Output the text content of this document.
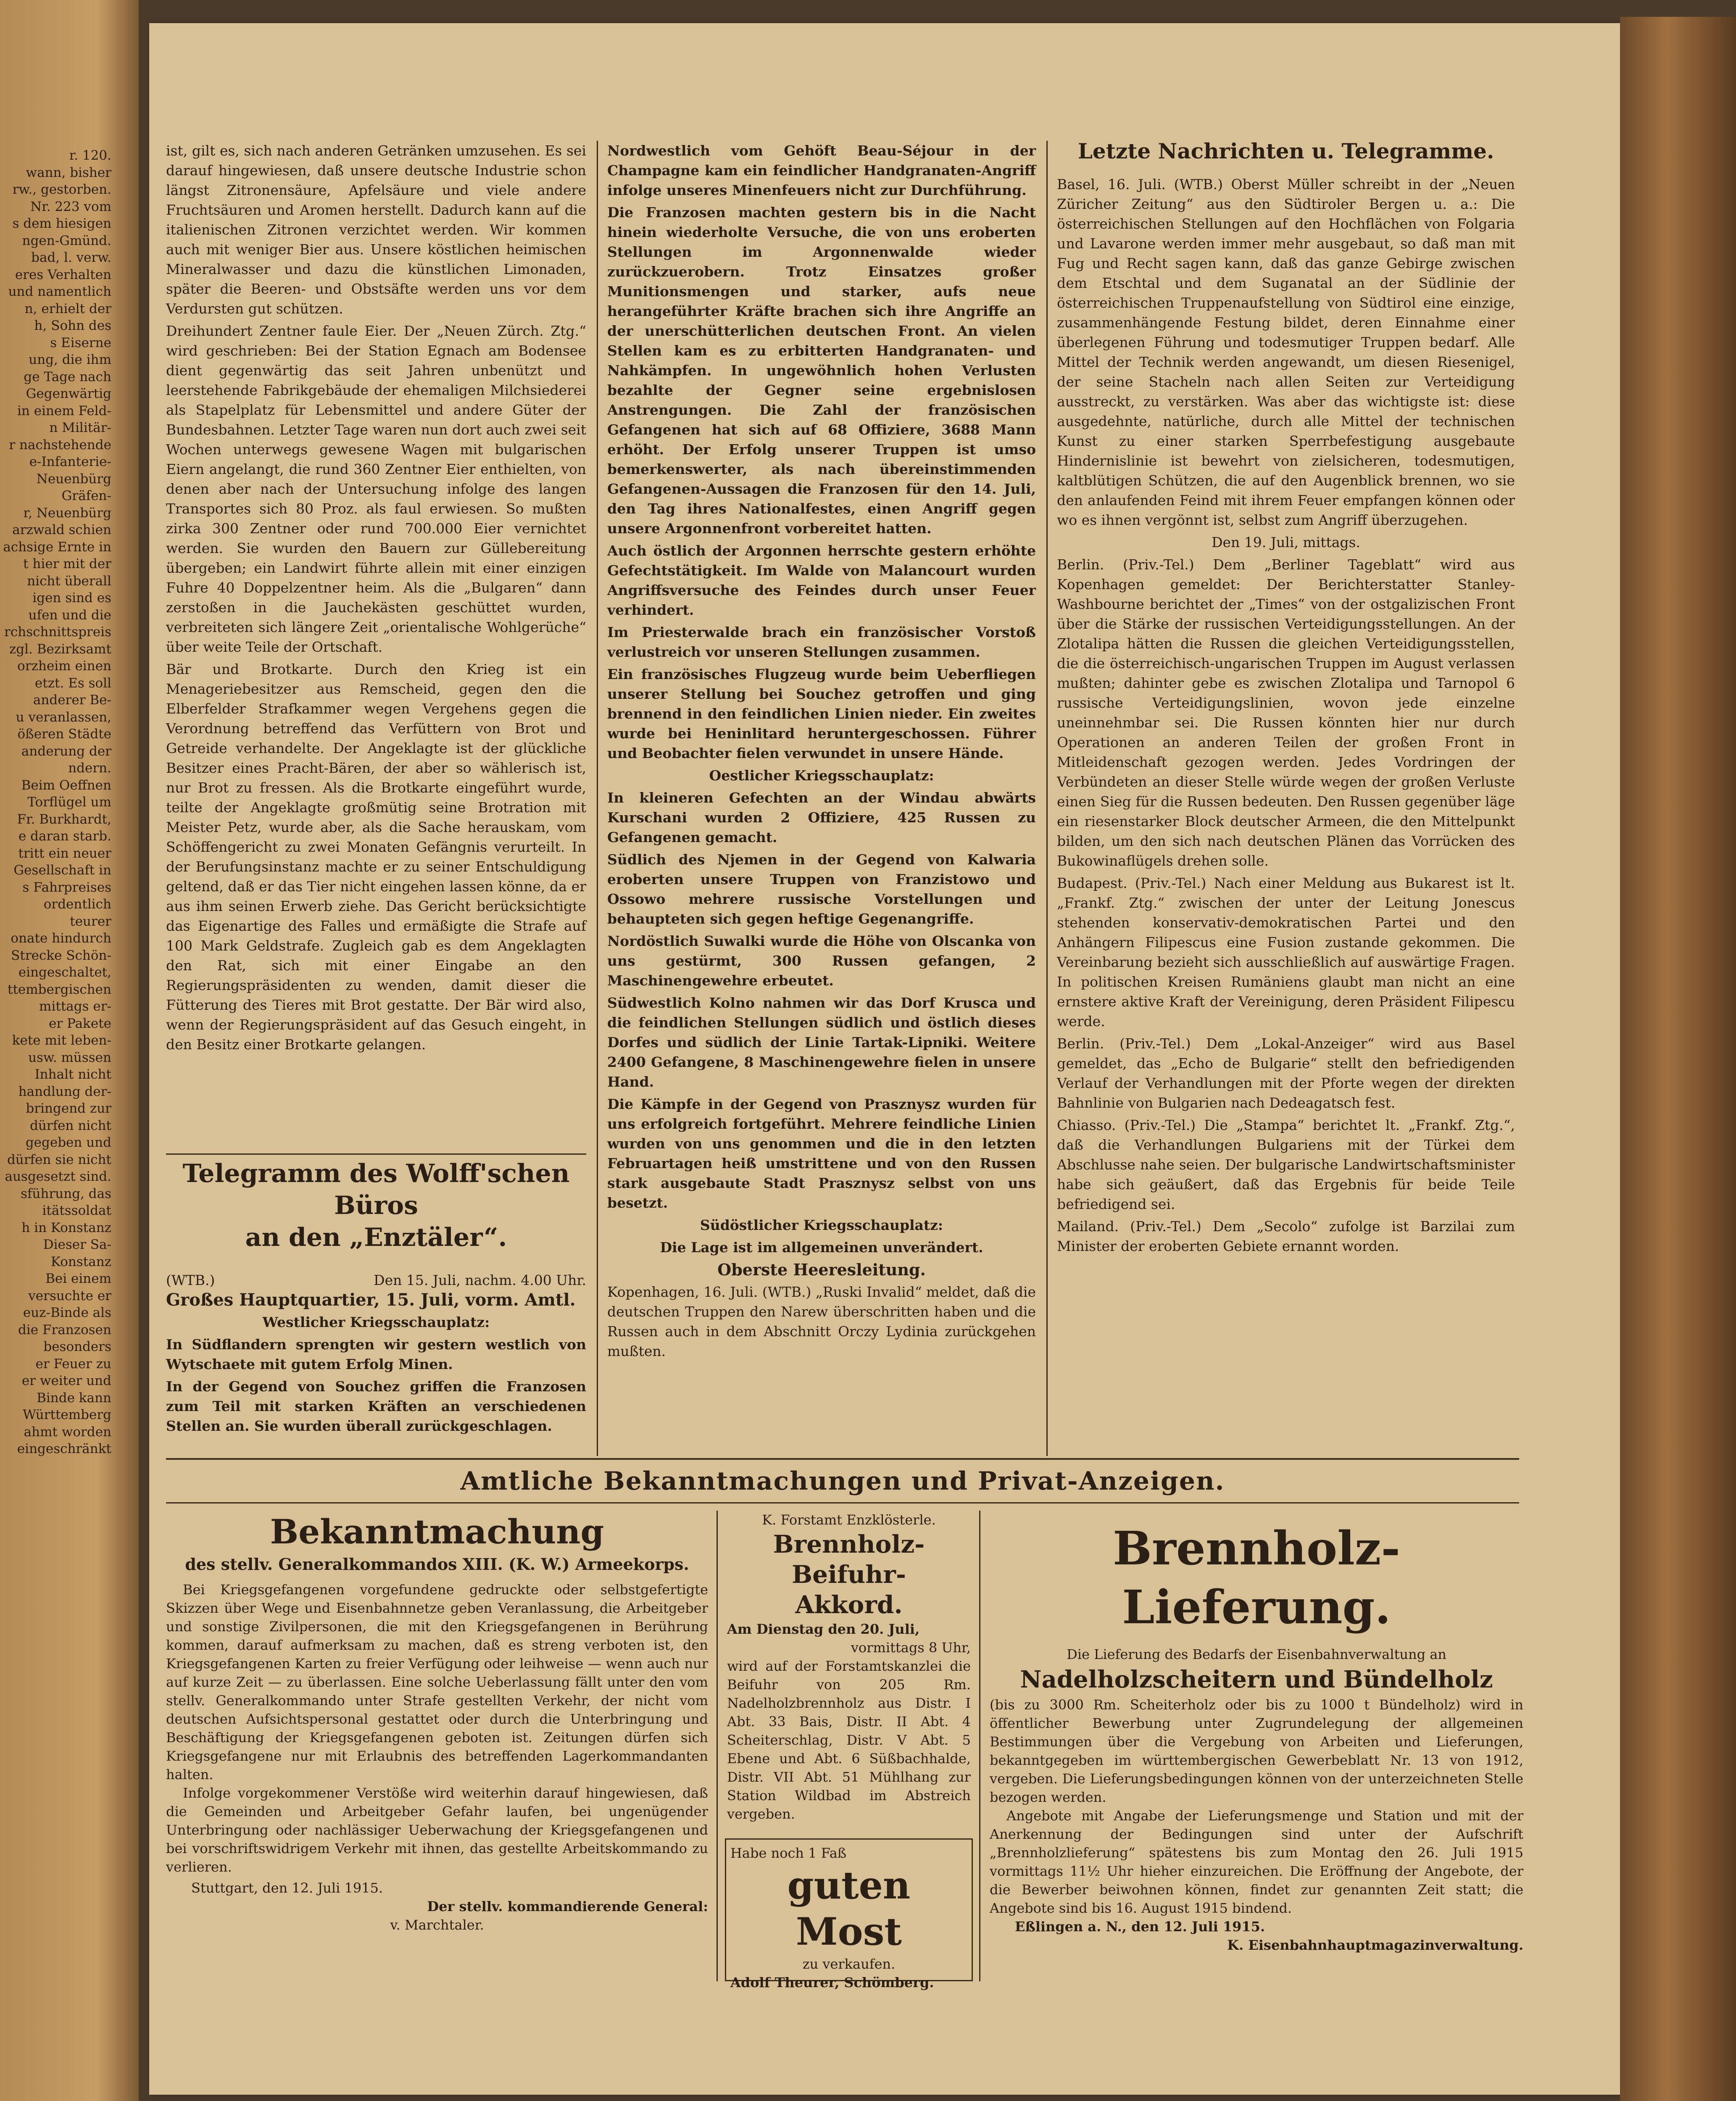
r. 120.
wann, bisher
rw., gestorben.
Nr. 223 vom
s dem hiesigen
ngen-Gmünd.
bad, l. verw.
eres Verhalten
und namentlich
n, erhielt der
h, Sohn des
s Eiserne
ung, die ihm
ge Tage nach
Gegenwärtig
in einem Feld-
n Militär-
r nachstehende
e-Infanterie-
Neuenbürg
Gräfen-
r, Neuenbürg
arzwald schien
achsige Ernte in
t hier mit der
nicht überall
igen sind es
ufen und die
rchschnittspreis
zgl. Bezirksamt
orzheim einen
etzt. Es soll
anderer Be-
u veranlassen,
ößeren Städte
anderung der
ndern.
Beim Oeffnen
Torflügel um
Fr. Burkhardt,
e daran starb.
tritt ein neuer
Gesellschaft in
s Fahrpreises
ordentlich teurer
onate hindurch
Strecke Schön-
eingeschaltet,
ttembergischen
mittags er-
er Pakete
kete mit leben-
usw. müssen
Inhalt nicht
handlung der-
bringend zur
dürfen nicht
gegeben und
dürfen sie nicht
ausgesetzt sind.
sführung, das
itätssoldat
h in Konstanz
Dieser Sa-
Konstanz
Bei einem
versuchte er
euz-Binde als
die Franzosen
besonders
er Feuer zu
er weiter und
Binde kann
Württemberg
ahmt worden
eingeschränkt

ist, gilt es, sich nach anderen Getränken umzusehen. Es sei darauf hingewiesen, daß unsere deutsche Industrie schon längst Zitronensäure, Apfelsäure und viele andere Fruchtsäuren und Aromen herstellt. Dadurch kann auf die italienischen Zitronen verzichtet werden. Wir kommen auch mit weniger Bier aus. Unsere köstlichen heimischen Mineralwasser und dazu die künstlichen Limonaden, später die Beeren- und Obstsäfte werden uns vor dem Verdursten gut schützen.

Dreihundert Zentner faule Eier. Der „Neuen Zürch. Ztg.“ wird geschrieben: Bei der Station Egnach am Bodensee dient gegenwärtig das seit Jahren unbenützt und leerstehende Fabrikgebäude der ehemaligen Milchsiederei als Stapelplatz für Lebensmittel und andere Güter der Bundesbahnen. Letzter Tage waren nun dort auch zwei seit Wochen unterwegs gewesene Wagen mit bulgarischen Eiern angelangt, die rund 360 Zentner Eier enthielten, von denen aber nach der Untersuchung infolge des langen Transportes sich 80 Proz. als faul erwiesen. So mußten zirka 300 Zentner oder rund 700.000 Eier vernichtet werden. Sie wurden den Bauern zur Güllebereitung übergeben; ein Landwirt führte allein mit einer einzigen Fuhre 40 Doppelzentner heim. Als die „Bulgaren“ dann zerstoßen in die Jauchekästen geschüttet wurden, verbreiteten sich längere Zeit „orientalische Wohlgerüche“ über weite Teile der Ortschaft.

Bär und Brotkarte. Durch den Krieg ist ein Menageriebesitzer aus Remscheid, gegen den die Elberfelder Strafkammer wegen Vergehens gegen die Verordnung betreffend das Verfüttern von Brot und Getreide verhandelte. Der Angeklagte ist der glückliche Besitzer eines Pracht-Bären, der aber so wählerisch ist, nur Brot zu fressen. Als die Brotkarte eingeführt wurde, teilte der Angeklagte großmütig seine Brotration mit Meister Petz, wurde aber, als die Sache herauskam, vom Schöffengericht zu zwei Monaten Gefängnis verurteilt. In der Berufungsinstanz machte er zu seiner Entschuldigung geltend, daß er das Tier nicht eingehen lassen könne, da er aus ihm seinen Erwerb ziehe. Das Gericht berücksichtigte das Eigenartige des Falles und ermäßigte die Strafe auf 100 Mark Geldstrafe. Zugleich gab es dem Angeklagten den Rat, sich mit einer Eingabe an den Regierungspräsidenten zu wenden, damit dieser die Fütterung des Tieres mit Brot gestatte. Der Bär wird also, wenn der Regierungspräsident auf das Gesuch eingeht, in den Besitz einer Brotkarte gelangen.

Telegramm des Wolff'schen Büros
an den „Enztäler“.
(WTB.)	Den 15. Juli, nachm. 4.00 Uhr.

Großes Hauptquartier, 15. Juli, vorm. Amtl.

Westlicher Kriegsschauplatz:

In Südflandern sprengten wir gestern westlich von Wytschaete mit gutem Erfolg Minen.

In der Gegend von Souchez griffen die Franzosen zum Teil mit starken Kräften an verschiedenen Stellen an. Sie wurden überall zurückgeschlagen.

Nordwestlich vom Gehöft Beau-Séjour in der Champagne kam ein feindlicher Handgranaten-Angriff infolge unseres Minenfeuers nicht zur Durchführung.

Die Franzosen machten gestern bis in die Nacht hinein wiederholte Versuche, die von uns eroberten Stellungen im Argonnenwalde wieder zurückzuerobern. Trotz Einsatzes großer Munitionsmengen und starker, aufs neue herangeführter Kräfte brachen sich ihre Angriffe an der unerschütterlichen deutschen Front. An vielen Stellen kam es zu erbitterten Handgranaten- und Nahkämpfen. In ungewöhnlich hohen Verlusten bezahlte der Gegner seine ergebnislosen Anstrengungen. Die Zahl der französischen Gefangenen hat sich auf 68 Offiziere, 3688 Mann erhöht. Der Erfolg unserer Truppen ist umso bemerkenswerter, als nach übereinstimmenden Gefangenen-Aussagen die Franzosen für den 14. Juli, den Tag ihres Nationalfestes, einen Angriff gegen unsere Argonnenfront vorbereitet hatten.

Auch östlich der Argonnen herrschte gestern erhöhte Gefechtstätigkeit. Im Walde von Malancourt wurden Angriffsversuche des Feindes durch unser Feuer verhindert.

Im Priesterwalde brach ein französischer Vorstoß verlustreich vor unseren Stellungen zusammen.

Ein französisches Flugzeug wurde beim Ueberfliegen unserer Stellung bei Souchez getroffen und ging brennend in den feindlichen Linien nieder. Ein zweites wurde bei Heninlitard heruntergeschossen. Führer und Beobachter fielen verwundet in unsere Hände.

Oestlicher Kriegsschauplatz:

In kleineren Gefechten an der Windau abwärts Kurschani wurden 2 Offiziere, 425 Russen zu Gefangenen gemacht.

Südlich des Njemen in der Gegend von Kalwaria eroberten unsere Truppen von Franzistowo und Ossowo mehrere russische Vorstellungen und behaupteten sich gegen heftige Gegenangriffe.

Nordöstlich Suwalki wurde die Höhe von Olscanka von uns gestürmt, 300 Russen gefangen, 2 Maschinengewehre erbeutet.

Südwestlich Kolno nahmen wir das Dorf Krusca und die feindlichen Stellungen südlich und östlich dieses Dorfes und südlich der Linie Tartak-Lipniki. Weitere 2400 Gefangene, 8 Maschinengewehre fielen in unsere Hand.

Die Kämpfe in der Gegend von Prasznysz wurden für uns erfolgreich fortgeführt. Mehrere feindliche Linien wurden von uns genommen und die in den letzten Februartagen heiß umstrittene und von den Russen stark ausgebaute Stadt Prasznysz selbst von uns besetzt.

Südöstlicher Kriegsschauplatz:

Die Lage ist im allgemeinen unverändert.

Oberste Heeresleitung.

Kopenhagen, 16. Juli. (WTB.) „Ruski Invalid“ meldet, daß die deutschen Truppen den Narew überschritten haben und die Russen auch in dem Abschnitt Orczy Lydinia zurückgehen mußten.

Letzte Nachrichten u. Telegramme.

Basel, 16. Juli. (WTB.) Oberst Müller schreibt in der „Neuen Züricher Zeitung“ aus den Südtiroler Bergen u. a.: Die österreichischen Stellungen auf den Hochflächen von Folgaria und Lavarone werden immer mehr ausgebaut, so daß man mit Fug und Recht sagen kann, daß das ganze Gebirge zwischen dem Etschtal und dem Suganatal an der Südlinie der österreichischen Truppenaufstellung von Südtirol eine einzige, zusammenhängende Festung bildet, deren Einnahme einer überlegenen Führung und todesmutiger Truppen bedarf. Alle Mittel der Technik werden angewandt, um diesen Riesenigel, der seine Stacheln nach allen Seiten zur Verteidigung ausstreckt, zu verstärken. Was aber das wichtigste ist: diese ausgedehnte, natürliche, durch alle Mittel der technischen Kunst zu einer starken Sperrbefestigung ausgebaute Hindernislinie ist bewehrt von zielsicheren, todesmutigen, kaltblütigen Schützen, die auf den Augenblick brennen, wo sie den anlaufenden Feind mit ihrem Feuer empfangen können oder wo es ihnen vergönnt ist, selbst zum Angriff überzugehen.

Den 19. Juli, mittags.

Berlin. (Priv.-Tel.) Dem „Berliner Tageblatt“ wird aus Kopenhagen gemeldet: Der Berichterstatter Stanley-Washbourne berichtet der „Times“ von der ostgalizischen Front über die Stärke der russischen Verteidigungsstellungen. An der Zlotalipa hätten die Russen die gleichen Verteidigungsstellen, die die österreichisch-ungarischen Truppen im August verlassen mußten; dahinter gebe es zwischen Zlotalipa und Tarnopol 6 russische Verteidigungslinien, wovon jede einzelne uneinnehmbar sei. Die Russen könnten hier nur durch Operationen an anderen Teilen der großen Front in Mitleidenschaft gezogen werden. Jedes Vordringen der Verbündeten an dieser Stelle würde wegen der großen Verluste einen Sieg für die Russen bedeuten. Den Russen gegenüber läge ein riesenstarker Block deutscher Armeen, die den Mittelpunkt bilden, um den sich nach deutschen Plänen das Vorrücken des Bukowinaflügels drehen solle.

Budapest. (Priv.-Tel.) Nach einer Meldung aus Bukarest ist lt. „Frankf. Ztg.“ zwischen der unter der Leitung Jonescus stehenden konservativ-demokratischen Partei und den Anhängern Filipescus eine Fusion zustande gekommen. Die Vereinbarung bezieht sich ausschließlich auf auswärtige Fragen. In politischen Kreisen Rumäniens glaubt man nicht an eine ernstere aktive Kraft der Vereinigung, deren Präsident Filipescu werde.

Berlin. (Priv.-Tel.) Dem „Lokal-Anzeiger“ wird aus Basel gemeldet, das „Echo de Bulgarie“ stellt den befriedigenden Verlauf der Verhandlungen mit der Pforte wegen der direkten Bahnlinie von Bulgarien nach Dedeagatsch fest.

Chiasso. (Priv.-Tel.) Die „Stampa“ berichtet lt. „Frankf. Ztg.“, daß die Verhandlungen Bulgariens mit der Türkei dem Abschlusse nahe seien. Der bulgarische Landwirtschaftsminister habe sich geäußert, daß das Ergebnis für beide Teile befriedigend sei.

Mailand. (Priv.-Tel.) Dem „Secolo“ zufolge ist Barzilai zum Minister der eroberten Gebiete ernannt worden.

Amtliche Bekanntmachungen und Privat-Anzeigen.
Bekanntmachung

des stellv. Generalkommandos XIII. (K. W.) Armeekorps.

Bei Kriegsgefangenen vorgefundene gedruckte oder selbstgefertigte Skizzen über Wege und Eisenbahnnetze geben Veranlassung, die Arbeitgeber und sonstige Zivilpersonen, die mit den Kriegsgefangenen in Berührung kommen, darauf aufmerksam zu machen, daß es streng verboten ist, den Kriegsgefangenen Karten zu freier Verfügung oder leihweise — wenn auch nur auf kurze Zeit — zu überlassen. Eine solche Ueberlassung fällt unter den vom stellv. Generalkommando unter Strafe gestellten Verkehr, der nicht vom deutschen Aufsichtspersonal gestattet oder durch die Unterbringung und Beschäftigung der Kriegsgefangenen geboten ist. Zeitungen dürfen sich Kriegsgefangene nur mit Erlaubnis des betreffenden Lagerkommandanten halten.

Infolge vorgekommener Verstöße wird weiterhin darauf hingewiesen, daß die Gemeinden und Arbeitgeber Gefahr laufen, bei ungenügender Unterbringung oder nachlässiger Ueberwachung der Kriegsgefangenen und bei vorschriftswidrigem Verkehr mit ihnen, das gestellte Arbeitskommando zu verlieren.

Stuttgart, den 12. Juli 1915.

Der stellv. kommandierende General:

v. Marchtaler.

K. Forstamt Enzklösterle.

Brennholz-Beifuhr-
Akkord.

Am Dienstag den 20. Juli,

vormittags 8 Uhr,

wird auf der Forstamtskanzlei die Beifuhr von 205 Rm. Nadelholzbrennholz aus Distr. I Abt. 33 Bais, Distr. II Abt. 4 Scheiterschlag, Distr. V Abt. 5 Ebene und Abt. 6 Süßbachhalde, Distr. VII Abt. 51 Mühlhang zur Station Wildbad im Abstreich vergeben.

Habe noch 1 Faß

guten Most

zu verkaufen.

Adolf Theurer, Schömberg.

Brennholz-Lieferung.

Die Lieferung des Bedarfs der Eisenbahnverwaltung an

Nadelholzscheitern und Bündelholz

(bis zu 3000 Rm. Scheiterholz oder bis zu 1000 t Bündelholz) wird in öffentlicher Bewerbung unter Zugrundelegung der allgemeinen Bestimmungen über die Vergebung von Arbeiten und Lieferungen, bekanntgegeben im württembergischen Gewerbeblatt Nr. 13 von 1912, vergeben. Die Lieferungsbedingungen können von der unterzeichneten Stelle bezogen werden.

Angebote mit Angabe der Lieferungsmenge und Station und mit der Anerkennung der Bedingungen sind unter der Aufschrift „Brennholzlieferung“ spätestens bis zum Montag den 26. Juli 1915 vormittags 11½ Uhr hieher einzureichen. Die Eröffnung der Angebote, der die Bewerber beiwohnen können, findet zur genannten Zeit statt; die Angebote sind bis 16. August 1915 bindend.

Eßlingen a. N., den 12. Juli 1915.

K. Eisenbahnhauptmagazinverwaltung.
